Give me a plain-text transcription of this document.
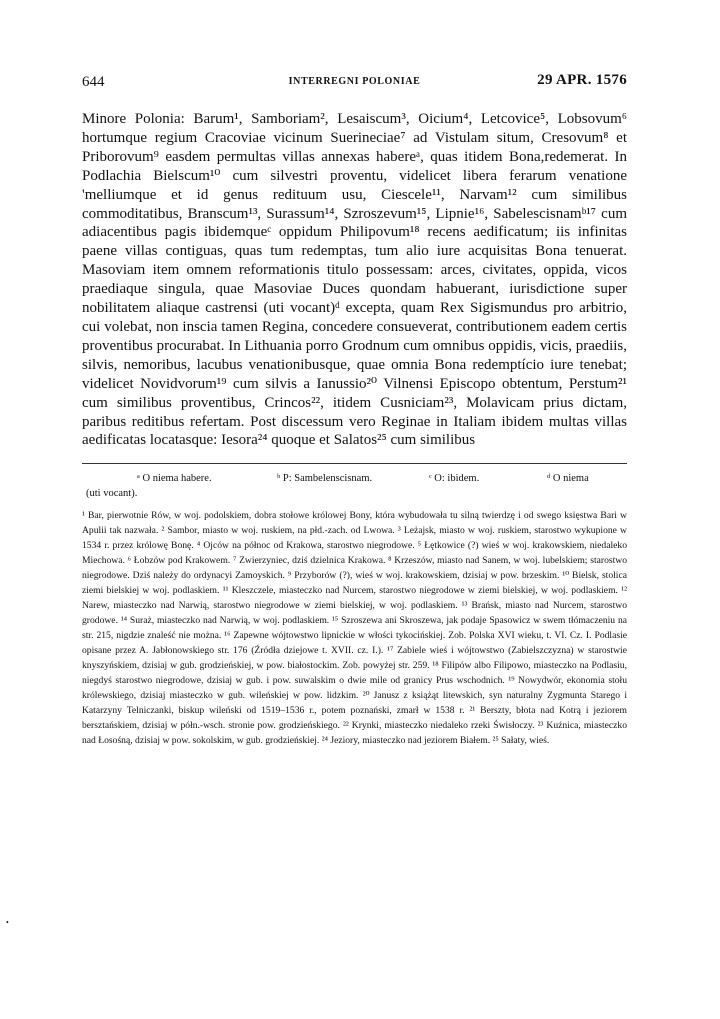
•
644	INTERREGNI POLONIAE	29 APR. 1576

Minore Polonia: Barum¹, Samboriam², Lesaiscum³, Oicium⁴, Letcovice⁵, Lobsovum⁶ hortumque regium Cracoviae vicinum Suerineciae⁷ ad Vistulam situm, Cresovum⁸ et Priborovum⁹ easdem permultas villas annexas habereᵃ, quas itidem Bona,redemerat. In Podlachia Bielscum¹⁰ cum silvestri proventu, videlicet libera ferarum venatione 'melliumque et id genus redituum usu, Ciescele¹¹, Narvam¹² cum similibus commoditatibus, Branscum¹³, Surassum¹⁴, Szroszevum¹⁵, Lipnie¹⁶, Sabelescisnamᵇ¹⁷ cum adiacentibus pagis ibidemqueᶜ oppidum Philipovum¹⁸ recens aedificatum; iis infinitas paene villas contiguas, quas tum redemptas, tum alio iure acquisitas Bona tenuerat. Masoviam item omnem reformationis titulo possessam: arces, civitates, oppida, vicos praediaque singula, quae Masoviae Duces quondam habuerant, iurisdictione super nobilitatem aliaque castrensi (uti vocant)ᵈ excepta, quam Rex Sigismundus pro arbitrio, cui volebat, non inscia tamen Regina, concedere consueverat, contributionem eadem certis proventibus procurabat. In Lithuania porro Grodnum cum omnibus oppidis, vicis, praediis, silvis, nemoribus, lacubus venationibusque, quae omnia Bona redemptício iure tenebat; videlicet Novidvorum¹⁹ cum silvis a Ianussio²⁰ Vilnensi Episcopo obtentum, Perstum²¹ cum similibus proventibus, Crincos²², itidem Cusniciam²³, Molavicam prius dictam, paribus reditibus refertam. Post discessum vero Reginae in Italiam ibidem multas villas aedificatas locatasque: Iesora²⁴ quoque et Salatos²⁵ cum similibus

ᵃ O niema habere.	ᵇ P: Sambelenscisnam.	ᶜ O: ibidem.	ᵈ O niema
(uti vocant).

¹ Bar, pierwotnie Rów, w woj. podolskiem, dobra stołowe królowej Bony, która wybudowała tu silną twierdzę i od swego księstwa Bari w Apulii tak nazwała. ² Sambor, miasto w woj. ruskiem, na płd.-zach. od Lwowa. ³ Leżajsk, miasto w woj. ruskiem, starostwo wykupione w 1534 r. przez królowę Bonę. ⁴ Ojców na północ od Krakowa, starostwo niegrodowe. ⁵ Łętkowice (?) wieś w woj. krakowskiem, niedaleko Miechowa. ⁶ Łobzów pod Krakowem. ⁷ Zwierzyniec, dziś dzielnica Krakowa. ⁸ Krzeszów, miasto nad Sanem, w woj. lubelskiem; starostwo niegrodowe. Dziś należy do ordynacyi Zamoyskich. ⁹ Przyborów (?), wieś w woj. krakowskiem, dzisiaj w pow. brzeskim. ¹⁰ Bielsk, stolica ziemi bielskiej w woj. podlaskiem. ¹¹ Kleszczele, miasteczko nad Nurcem, starostwo niegrodowe w ziemi bielskiej, w woj. podlaskiem. ¹² Narew, miasteczko nad Narwią, starostwo niegrodowe w ziemi bielskiej, w woj. podlaskiem. ¹³ Brańsk, miasto nad Nurcem, starostwo grodowe. ¹⁴ Suraż, miasteczko nad Narwią, w woj. podlaskiem. ¹⁵ Szroszewa ani Skroszewa, jak podaje Spasowicz w swem tłómaczeniu na str. 215, nigdzie znaleść nie można. ¹⁶ Zapewne wójtowstwo lipnickie w włości tykocińskiej. Zob. Polska XVI wieku, t. VI. Cz. I. Podlasie opisane przez A. Jabłonowskiego str. 176 (Źródła dziejowe t. XVII. cz. I.). ¹⁷ Zabiele wieś i wójtowstwo (Zabielszczyzna) w starostwie knyszyńskiem, dzisiaj w gub. grodzieńskiej, w pow. białostockim. Zob. powyżej str. 259. ¹⁸ Filipów albo Filipowo, miasteczko na Podlasiu, niegdyś starostwo niegrodowe, dzisiaj w gub. i pow. suwalskim o dwie mile od granicy Prus wschodnich. ¹⁹ Nowydwór, ekonomia stołu królewskiego, dzisiaj miasteczko w gub. wileńskiej w pow. lidzkim. ²⁰ Janusz z książąt litewskich, syn naturalny Zygmunta Starego i Katarzyny Telniczanki, biskup wileński od 1519–1536 r., potem poznański, zmarł w 1538 r. ²¹ Berszty, błota nad Kotrą i jeziorem bersztańskiem, dzisiaj w półn.-wsch. stronie pow. grodzieńskiego. ²² Krynki, miasteczko niedaleko rzeki Świsłoczy. ²³ Kuźnica, miasteczko nad Łosośną, dzisiaj w pow. sokolskim, w gub. grodzieńskiej. ²⁴ Jeziory, miasteczko nad jeziorem Białem. ²⁵ Sałaty, wieś.
